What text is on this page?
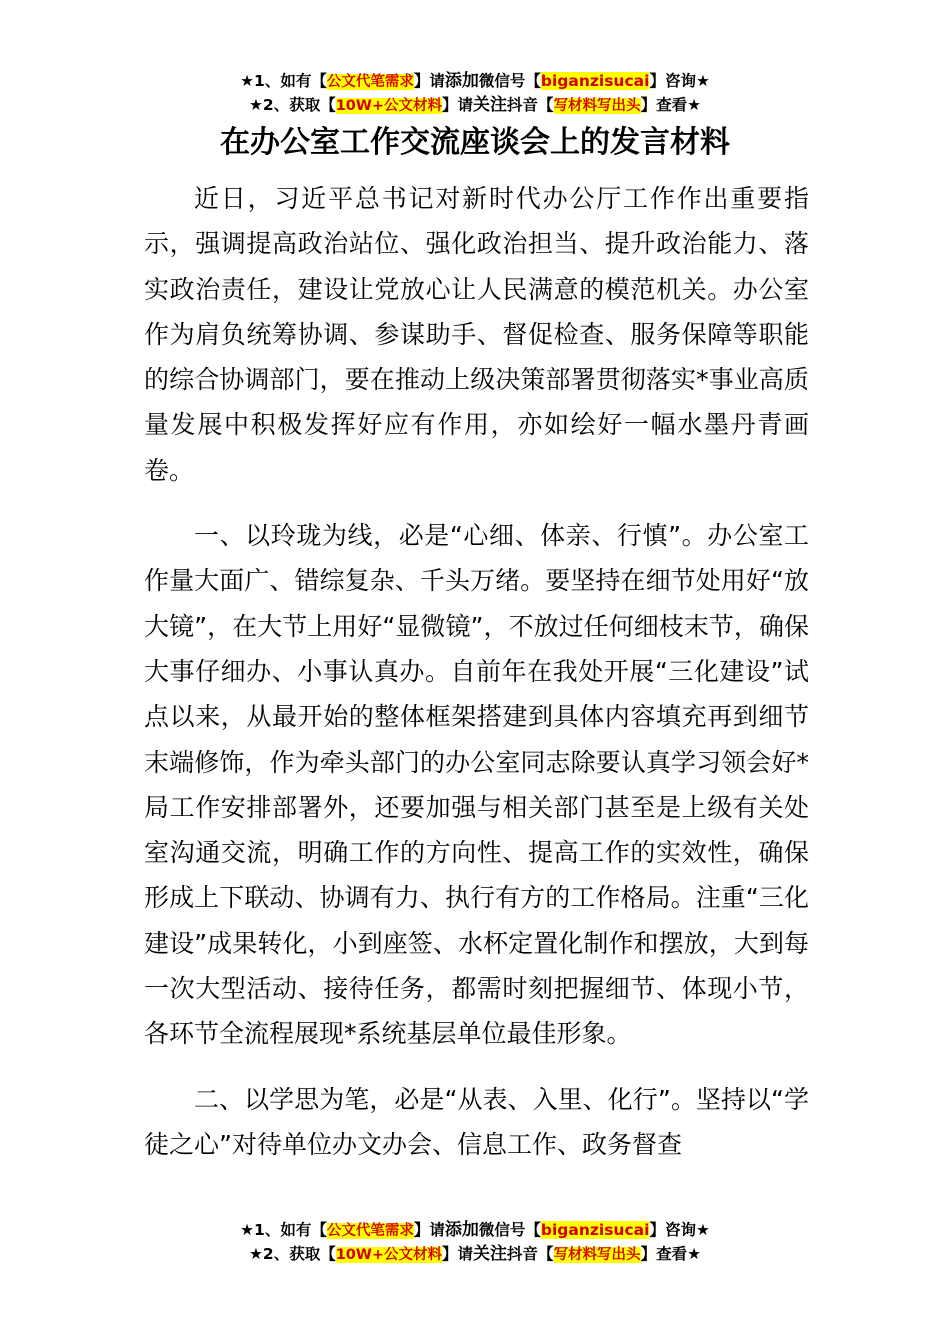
★1、如有【公文代笔需求】请添加微信号【biganzisucai】咨询★
★2、获取【10W+公文材料】请关注抖音【写材料写出头】查看★
在办公室工作交流座谈会上的发言材料

近日，习近平总书记对新时代办公厅工作作出重要指示，强调提高政治站位、强化政治担当、提升政治能力、落实政治责任，建设让党放心让人民满意的模范机关。办公室作为肩负统筹协调、参谋助手、督促检查、服务保障等职能的综合协调部门，要在推动上级决策部署贯彻落实*事业高质量发展中积极发挥好应有作用，亦如绘好一幅水墨丹青画卷。

一、以玲珑为线，必是“心细、体亲、行慎”。办公室工作量大面广、错综复杂、千头万绪。要坚持在细节处用好“放大镜”，在大节上用好“显微镜”，不放过任何细枝末节，确保大事仔细办、小事认真办。自前年在我处开展“三化建设”试点以来，从最开始的整体框架搭建到具体内容填充再到细节末端修饰，作为牵头部门的办公室同志除要认真学习领会好*局工作安排部署外，还要加强与相关部门甚至是上级有关处室沟通交流，明确工作的方向性、提高工作的实效性，确保形成上下联动、协调有力、执行有方的工作格局。注重“三化建设”成果转化，小到座签、水杯定置化制作和摆放，大到每一次大型活动、接待任务，都需时刻把握细节、体现小节，各环节全流程展现*系统基层单位最佳形象。

二、以学思为笔，必是“从表、入里、化行”。坚持以“学徒之心”对待单位办文办会、信息工作、政务督查

★1、如有【公文代笔需求】请添加微信号【biganzisucai】咨询★
★2、获取【10W+公文材料】请关注抖音【写材料写出头】查看★
